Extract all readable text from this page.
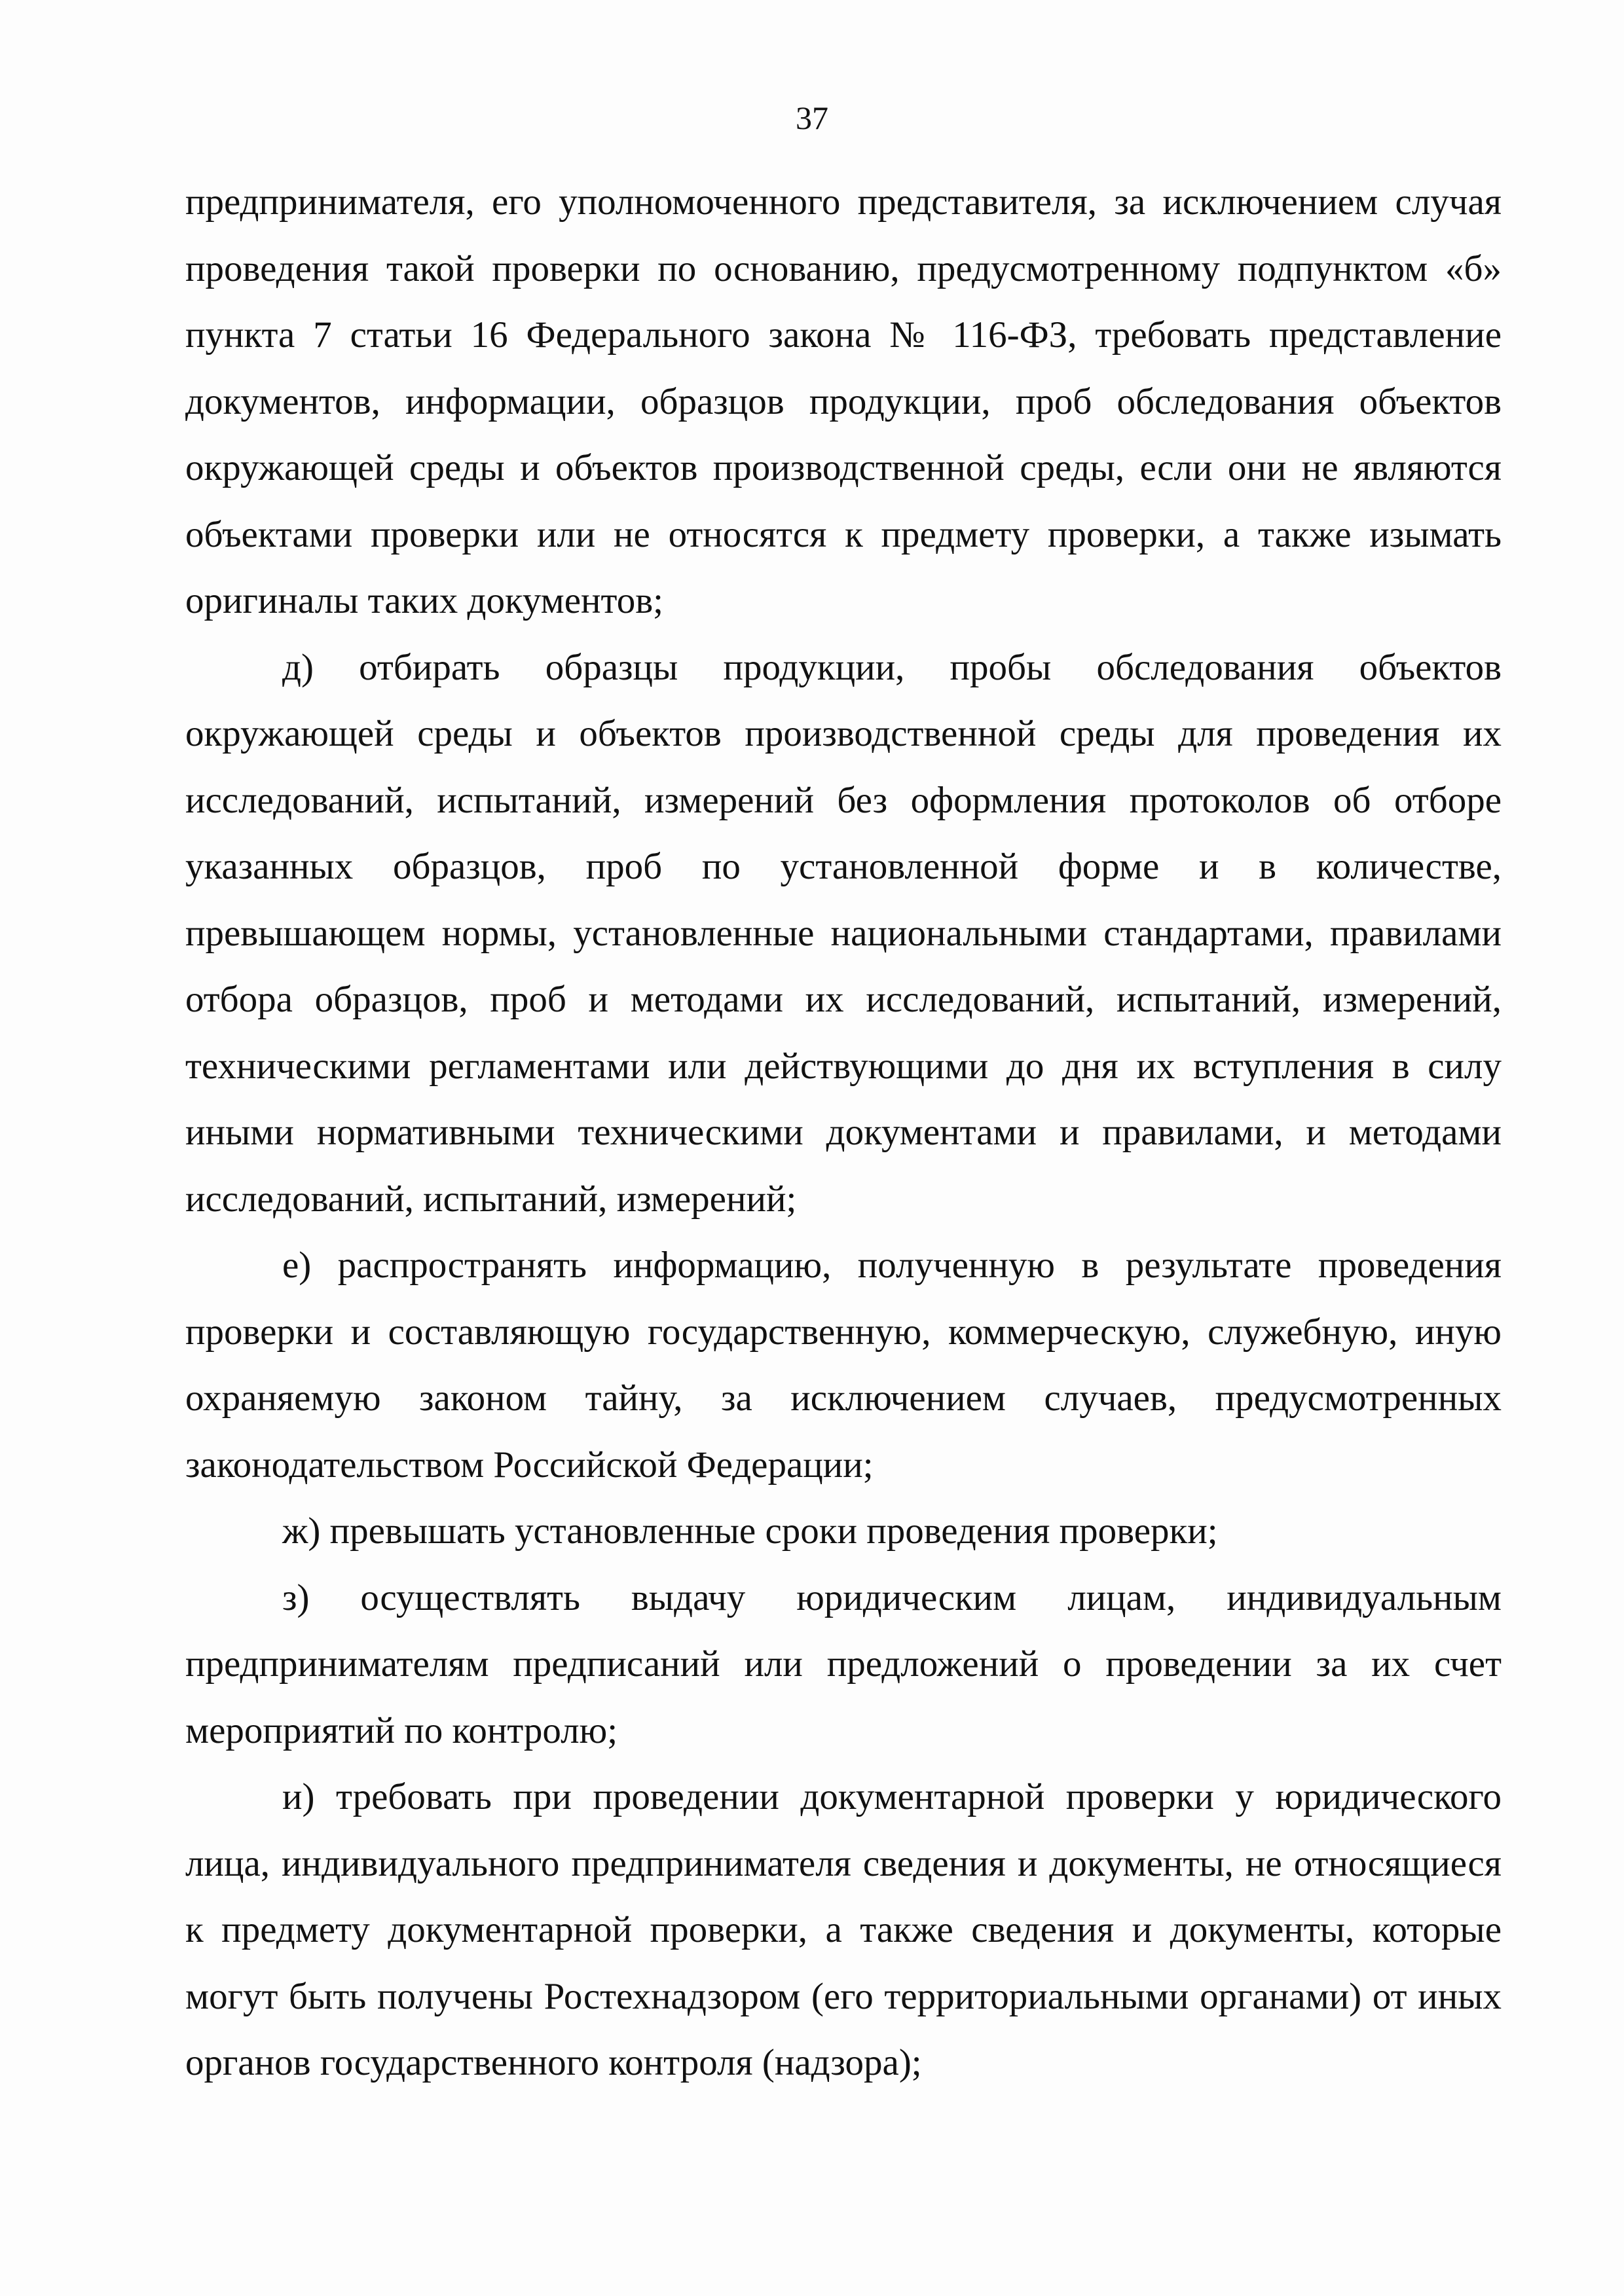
37

предпринимателя, его уполномоченного представителя, за исключением случая проведения такой проверки по основанию, предусмотренному подпунктом «б» пункта 7 статьи 16 Федерального закона № 116-ФЗ, требовать представление документов, информации, образцов продукции, проб обследования объектов окружающей среды и объектов производственной среды, если они не являются объектами проверки или не относятся к предмету проверки, а также изымать оригиналы таких документов;

д) отбирать образцы продукции, пробы обследования объектов окружающей среды и объектов производственной среды для проведения их исследований, испытаний, измерений без оформления протоколов об отборе указанных образцов, проб по установленной форме и в количестве, превышающем нормы, установленные национальными стандартами, правилами отбора образцов, проб и методами их исследований, испытаний, измерений, техническими регламентами или действующими до дня их вступления в силу иными нормативными техническими документами и правилами, и методами исследований, испытаний, измерений;

е) распространять информацию, полученную в результате проведения проверки и составляющую государственную, коммерческую, служебную, иную охраняемую законом тайну, за исключением случаев, предусмотренных законодательством Российской Федерации;

ж) превышать установленные сроки проведения проверки;

з) осуществлять выдачу юридическим лицам, индивидуальным предпринимателям предписаний или предложений о проведении за их счет мероприятий по контролю;

и) требовать при проведении документарной проверки у юридического лица, индивидуального предпринимателя сведения и документы, не относящиеся к предмету документарной проверки, а также сведения и документы, которые могут быть получены Ростехнадзором (его территориальными органами) от иных органов государственного контроля (надзора);
